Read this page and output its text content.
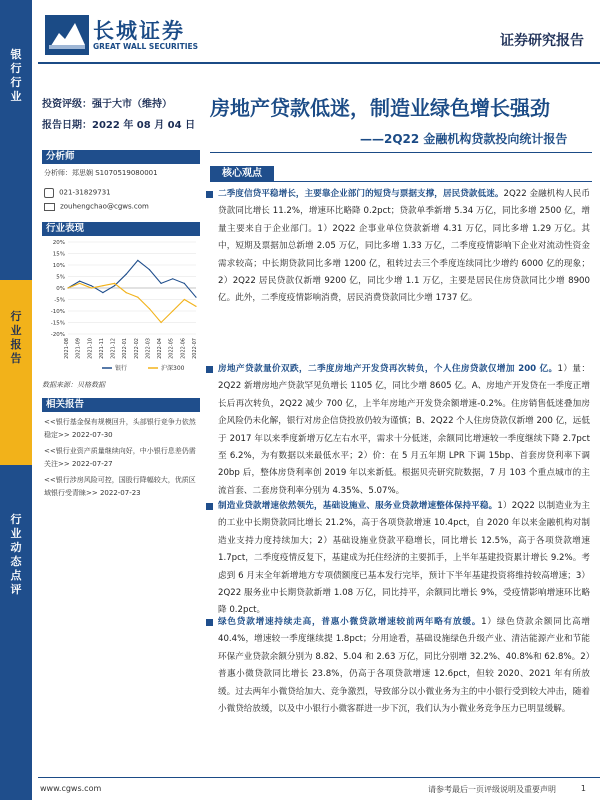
银
行
行
业
行
业
报
告
行
业
动
态
点
评
长城证券
GREAT WALL SECURITIES	证券研究报告
投资评级：强于大市（维持）
报告日期：2022 年 08 月 04 日
分析师
分析师：郑思娴 S1070519080001
021-31829731
zouhengchao@cgws.com
行业表现
20%
15%
10%
5%
0%
-5%
-10%
-15%
-20%
2021-08 2021-09 2021-10 2021-11 2021-12 2022-01 2022-02 2022-03 2022-04 2022-05 2022-06 2022-07
银行	沪深300
数据来源：贝格数据
相关报告
<<银行基金保有规模回升，头部银行竞争力依然稳定>> 2022-07-30
<<银行业资产质量继续向好，中小银行息差仍需关注>> 2022-07-27
<<银行涉房风险可控，国股行降幅较大，优质区域银行受青睐>> 2022-07-23
房地产贷款低迷，制造业绿色增长强劲
——2Q22 金融机构贷款投向统计报告
核心观点
二季度信贷平稳增长，主要靠企业部门的短贷与票据支撑，居民贷款低迷。2Q22 金融机构人民币贷款同比增长 11.2%，增速环比略降 0.2pct；贷款单季新增 5.34 万亿，同比多增 2500 亿，增量主要来自于企业部门。1）2Q22 企事业单位贷款新增 4.31 万亿，同比多增 1.29 万亿。其中，短期及票据加总新增 2.05 万亿，同比多增 1.33 万亿，二季度疫情影响下企业对流动性资金需求较高；中长期贷款同比多增 1200 亿，租转过去三个季度连续同比少增约 6000 亿的现象；2）2Q22 居民贷款仅新增 9200 亿，同比少增 1.1 万亿，主要是居民住房贷款同比少增 8900 亿。此外，二季度疫情影响消费，居民消费贷款同比少增 1737 亿。
房地产贷款量价双跌，二季度房地产开发贷再次转负，个人住房贷款仅增加 200 亿。1）量：2Q22 新增房地产贷款罕见负增长 1105 亿，同比少增 8605 亿。A、房地产开发贷在一季度正增长后再次转负，2Q22 减少 700 亿，上半年房地产开发贷余额增速-0.2%。住房销售低迷叠加房企风险仍未化解，银行对房企信贷投放仍较为谨慎；B、2Q22 个人住房贷款仅新增 200 亿，远低于 2017 年以来季度新增万亿左右水平，需求十分低迷，余额同比增速较一季度继续下降 2.7pct 至 6.2%，为有数据以来最低水平；2）价：在 5 月五年期 LPR 下调 15bp、首套房贷利率下调 20bp 后，整体房贷利率创 2019 年以来新低。根据贝壳研究院数据，7 月 103 个重点城市的主流首套、二套房贷利率分别为 4.35%、5.07%。
制造业贷款增速依然领先，基础设施业、服务业贷款增速整体保持平稳。1）2Q22 以制造业为主的工业中长期贷款同比增长 21.2%，高于各项贷款增速 10.4pct，自 2020 年以来金融机构对制造业支持力度持续加大；2）基础设施业贷款平稳增长，同比增长 12.5%，高于各项贷款增速 1.7pct，二季度疫情反复下，基建成为托住经济的主要抓手，上半年基建投资累计增长 9.2%。考虑到 6 月末全年新增地方专项债额度已基本发行完毕，预计下半年基建投资将维持较高增速；3）2Q22 服务业中长期贷款新增 1.08 万亿，同比持平，余额同比增长 9%，受疫情影响增速环比略降 0.2pct。
绿色贷款增速持续走高，普惠小微贷款增速较前两年略有放缓。1）绿色贷款余额同比高增 40.4%，增速较一季度继续提 1.8pct；分用途看，基础设施绿色升级产业、清洁能源产业和节能环保产业贷款余额分别为 8.82、5.04 和 2.63 万亿，同比分别增 32.2%、40.8%和 62.8%。2）普惠小微贷款同比增长 23.8%，仍高于各项贷款增速 12.6pct，但较 2020、2021 年有所放缓。过去两年小微贷给加大、竞争激烈，导致部分以小微业务为主的中小银行受到较大冲击，随着小微贷给放缓，以及中小银行小微客群进一步下沉，我们认为小微业务竞争压力已明显缓解。
www.cgws.com	请参考最后一页评级说明及重要声明	1
